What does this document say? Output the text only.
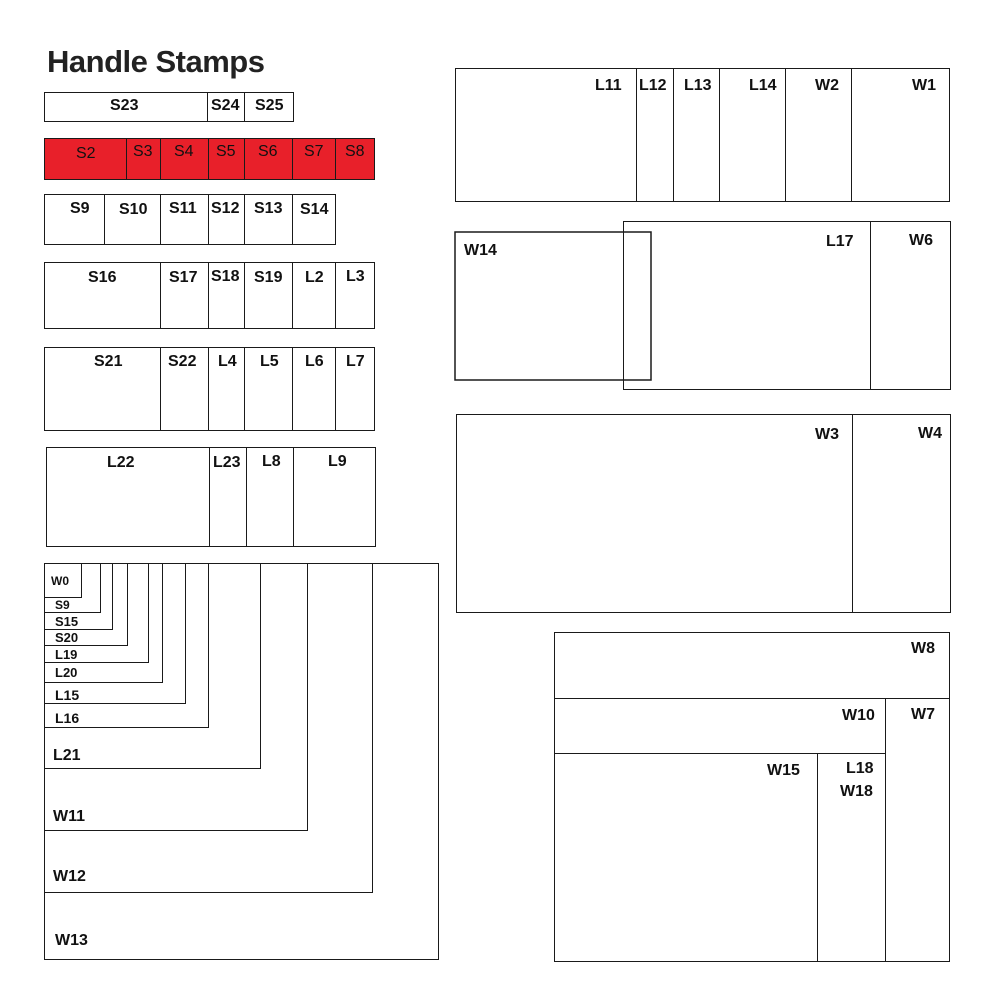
Handle Stamps
S23	S24 S25
S2 S3 S4 S5 S6 S7 S8
S9 S10 S11 S12 S13 S14
S16	S17 S18 S19 L2 L3
S21	S22 L4 L5 L6 L7
L22	L23 L8	L9
W0
S9
S15
S20
L19
L20
L15
L16
L21
W11
W12
W13
L11 L12 L13 L14 W2	W1
W14
L17	W6
W3	W4
W8
W10 W7
W15	L18
W18
